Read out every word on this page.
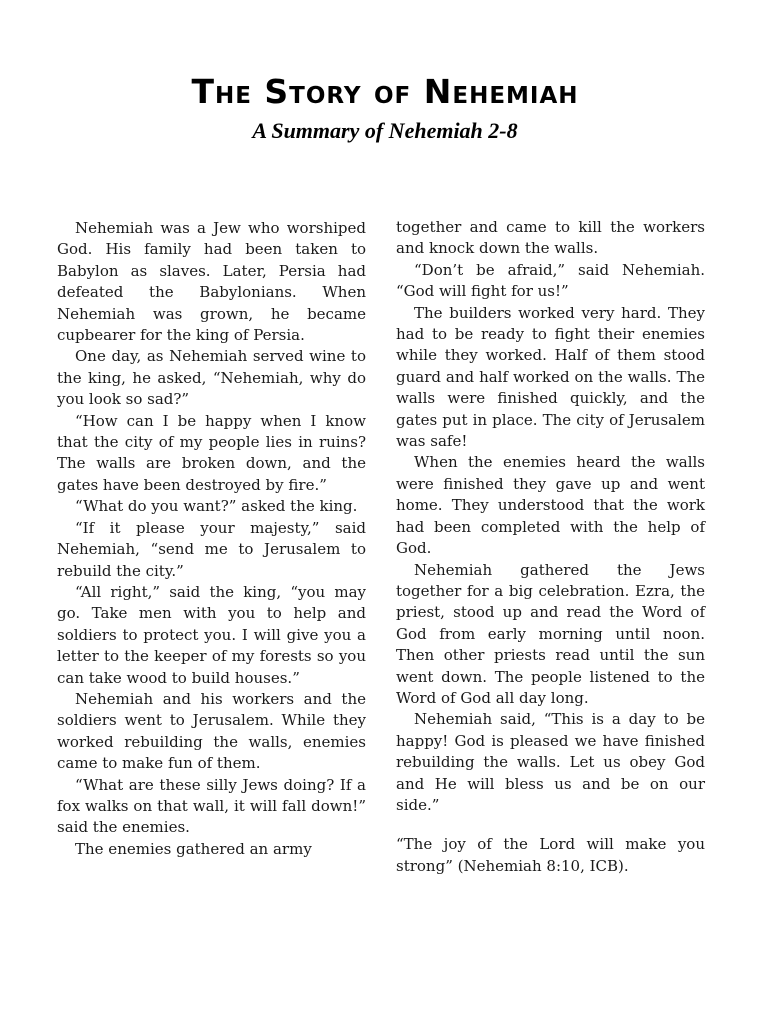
The Story of Nehemiah
A Summary of Nehemiah 2-8

Nehemiah was a Jew who worshiped God. His family had been taken to Babylon as slaves. Later, Persia had defeated the Babylonians. When Nehemiah was grown, he became cupbearer for the king of Persia.

One day, as Nehemiah served wine to the king, he asked, “Nehemiah, why do you look so sad?”

“How can I be happy when I know that the city of my people lies in ruins? The walls are broken down, and the gates have been destroyed by fire.”

“What do you want?” asked the king.

“If it please your majesty,” said Nehemiah, “send me to Jerusalem to rebuild the city.”

“All right,” said the king, “you may go. Take men with you to help and soldiers to protect you. I will give you a letter to the keeper of my forests so you can take wood to build houses.”

Nehemiah and his workers and the soldiers went to Jerusalem. While they worked rebuilding the walls, enemies came to make fun of them.

“What are these silly Jews doing? If a fox walks on that wall, it will fall down!” said the enemies.

The enemies gathered an army

together and came to kill the workers and knock down the walls.

“Don’t be afraid,” said Nehemiah. “God will fight for us!”

The builders worked very hard. They had to be ready to fight their enemies while they worked. Half of them stood guard and half worked on the walls. The walls were finished quickly, and the gates put in place. The city of Jerusalem was safe!

When the enemies heard the walls were finished they gave up and went home. They understood that the work had been completed with the help of God.

Nehemiah gathered the Jews together for a big celebration. Ezra, the priest, stood up and read the Word of God from early morning until noon. Then other priests read until the sun went down. The people listened to the Word of God all day long.

Nehemiah said, “This is a day to be happy! God is pleased we have finished rebuilding the walls. Let us obey God and He will bless us and be on our side.”

“The joy of the Lord will make you strong” (Nehemiah 8:10, ICB).
